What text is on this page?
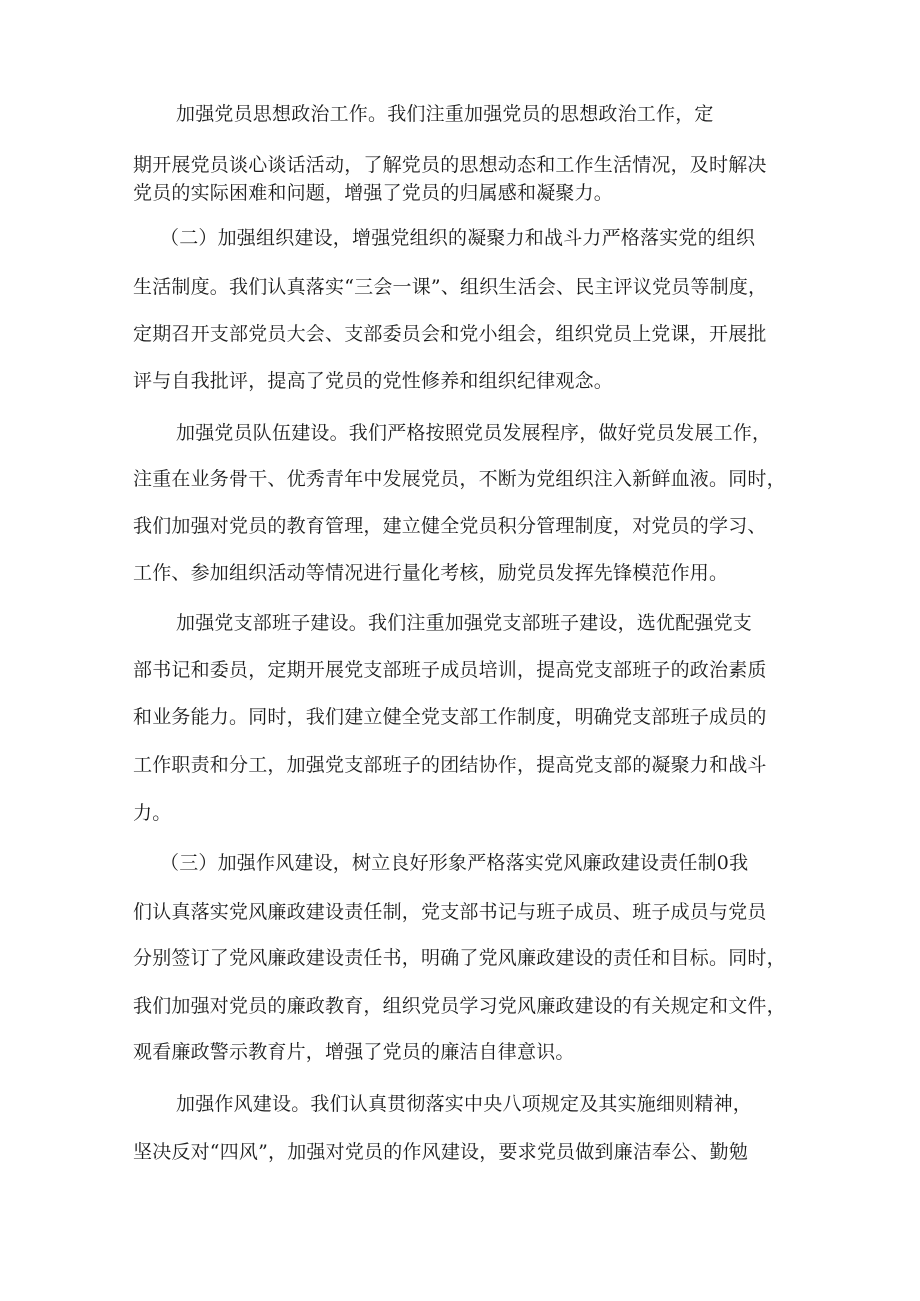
加强党员思想政治工作。我们注重加强党员的思想政治工作，定
期开展党员谈心谈话活动，了解党员的思想动态和工作生活情况，及时解决
党员的实际困难和问题，增强了党员的归属感和凝聚力。
（二）加强组织建设，增强党组织的凝聚力和战斗力严格落实党的组织
生活制度。我们认真落实“三会一课”、组织生活会、民主评议党员等制度，
定期召开支部党员大会、支部委员会和党小组会，组织党员上党课，开展批
评与自我批评，提高了党员的党性修养和组织纪律观念。
加强党员队伍建设。我们严格按照党员发展程序，做好党员发展工作，
注重在业务骨干、优秀青年中发展党员，不断为党组织注入新鲜血液。同时，
我们加强对党员的教育管理，建立健全党员积分管理制度，对党员的学习、
工作、参加组织活动等情况进行量化考核，励党员发挥先锋模范作用。
加强党支部班子建设。我们注重加强党支部班子建设，选优配强党支
部书记和委员，定期开展党支部班子成员培训，提高党支部班子的政治素质
和业务能力。同时，我们建立健全党支部工作制度，明确党支部班子成员的
工作职责和分工，加强党支部班子的团结协作，提高党支部的凝聚力和战斗
力。
（三）加强作风建设，树立良好形象严格落实党风廉政建设责任制0我
们认真落实党风廉政建设责任制，党支部书记与班子成员、班子成员与党员
分别签订了党风廉政建设责任书，明确了党风廉政建设的责任和目标。同时，
我们加强对党员的廉政教育，组织党员学习党风廉政建设的有关规定和文件，
观看廉政警示教育片，增强了党员的廉洁自律意识。
加强作风建设。我们认真贯彻落实中央八项规定及其实施细则精神，
坚决反对“四风”，加强对党员的作风建设，要求党员做到廉洁奉公、勤勉
